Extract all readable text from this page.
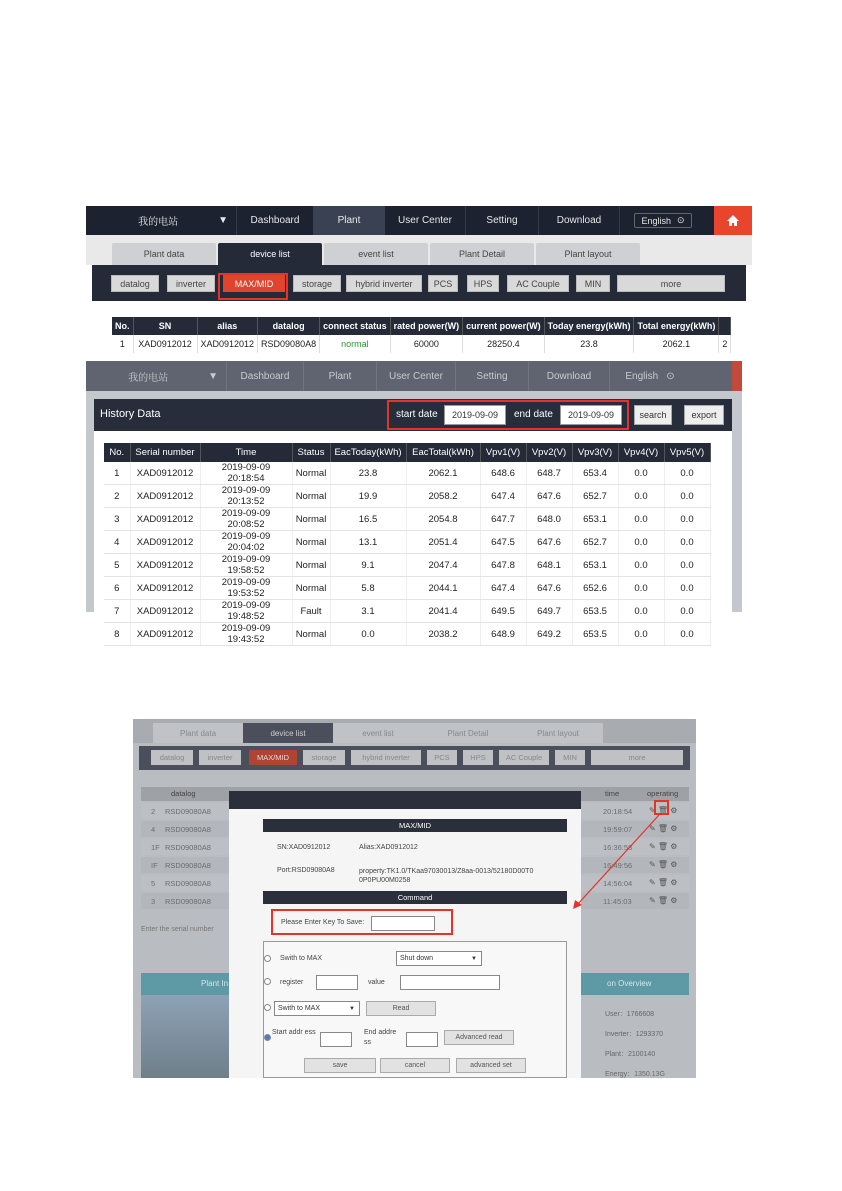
我的电站	▼	Dashboard	Plant	User Center	Setting	Download	English ⊙
Plant data	device list	event list	Plant Detail	Plant layout
datalog	inverter	MAX/MID	storage	hybrid inverter	PCS	HPS	AC Couple	MIN	more
No.	SN	alias	datalog	connect status	rated power(W)	current power(W)	Today energy(kWh)	Total energy(kWh)	
1	XAD0912012	XAD0912012	RSD09080A8	normal	60000	28250.4	23.8	2062.1	2
我的电站	▼	Dashboard	Plant	User Center	Setting	Download	English ⊙
History Data	start date	2019-09-09	end date	2019-09-09	search	export
No.	Serial number	Time	Status	EacToday(kWh)	EacTotal(kWh)	Vpv1(V)	Vpv2(V)	Vpv3(V)	Vpv4(V)	Vpv5(V)
1	XAD0912012	2019-09-09 20:18:54	Normal	23.8	2062.1	648.6	648.7	653.4	0.0	0.0
2	XAD0912012	2019-09-09 20:13:52	Normal	19.9	2058.2	647.4	647.6	652.7	0.0	0.0
3	XAD0912012	2019-09-09 20:08:52	Normal	16.5	2054.8	647.7	648.0	653.1	0.0	0.0
4	XAD0912012	2019-09-09 20:04:02	Normal	13.1	2051.4	647.5	647.6	652.7	0.0	0.0
5	XAD0912012	2019-09-09 19:58:52	Normal	9.1	2047.4	647.8	648.1	653.1	0.0	0.0
6	XAD0912012	2019-09-09 19:53:52	Normal	5.8	2044.1	647.4	647.6	652.6	0.0	0.0
7	XAD0912012	2019-09-09 19:48:52	Fault	3.1	2041.4	649.5	649.7	653.5	0.0	0.0
8	XAD0912012	2019-09-09 19:43:52	Normal	0.0	2038.2	648.9	649.2	653.5	0.0	0.0
Plant data	device list	event list	Plant Detail	Plant layout
datalog	inverter	MAX/MID	storage	hybrid inverter	PCS	HPS	AC Couple	MIN	more
datalog	time	operating
2 RSD09080A8	20:18:54 ✎ 🗑 ⚙
4 RSD09080A8	19:59:07 ✎ 🗑 ⚙
1F RSD09080A8	16:36:58 ✎ 🗑 ⚙
IF RSD09080A8	16:49:56 ✎ 🗑 ⚙
5 RSD09080A8	14:56:04 ✎ 🗑 ⚙
3 RSD09080A8	11:45:03 ✎ 🗑 ⚙
Enter the serial number
Plant In	on Overview
User：1766608
Inverter：1293370
Plant：2100140
Energy：1350.13G
MAX/MID
SN:XAD0912012	Alias:XAD0912012
Port:RSD09080A8	property:TK1.0/TKaa97030013/Z8aa-0013/52180D00T00P0PU00M0258
Command
Please Enter Key To Save:
Swith to MAX	Shut down	▼
register	value
Swith to MAX	▼	Read
Start addr ess	End addre ss
Advanced read
save	cancel	advanced set
